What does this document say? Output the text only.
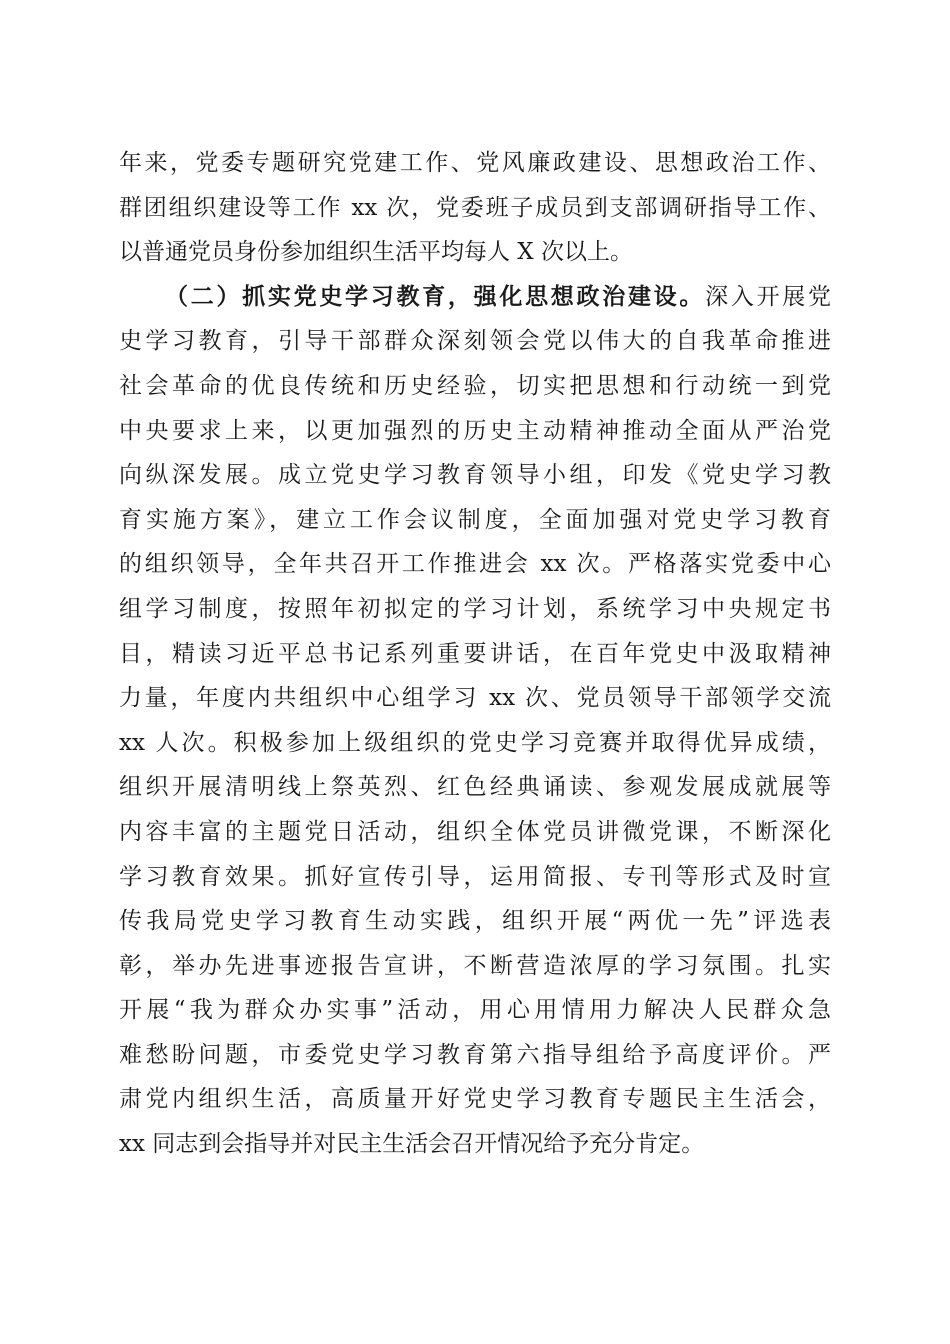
年来，党委专题研究党建工作、党风廉政建设、思想政治工作、
群团组织建设等工作 xx 次，党委班子成员到支部调研指导工作、
以普通党员身份参加组织生活平均每人 X 次以上。
（二）抓实党史学习教育，强化思想政治建设。深入开展党
史学习教育，引导干部群众深刻领会党以伟大的自我革命推进
社会革命的优良传统和历史经验，切实把思想和行动统一到党
中央要求上来，以更加强烈的历史主动精神推动全面从严治党
向纵深发展。成立党史学习教育领导小组，印发《党史学习教
育实施方案》，建立工作会议制度，全面加强对党史学习教育
的组织领导，全年共召开工作推进会 xx 次。严格落实党委中心
组学习制度，按照年初拟定的学习计划，系统学习中央规定书
目，精读习近平总书记系列重要讲话，在百年党史中汲取精神
力量，年度内共组织中心组学习 xx 次、党员领导干部领学交流
xx 人次。积极参加上级组织的党史学习竞赛并取得优异成绩，
组织开展清明线上祭英烈、红色经典诵读、参观发展成就展等
内容丰富的主题党日活动，组织全体党员讲微党课，不断深化
学习教育效果。抓好宣传引导，运用简报、专刊等形式及时宣
传我局党史学习教育生动实践，组织开展“两优一先”评选表
彰，举办先进事迹报告宣讲，不断营造浓厚的学习氛围。扎实
开展“我为群众办实事”活动，用心用情用力解决人民群众急
难愁盼问题，市委党史学习教育第六指导组给予高度评价。严
肃党内组织生活，高质量开好党史学习教育专题民主生活会，
xx 同志到会指导并对民主生活会召开情况给予充分肯定。
